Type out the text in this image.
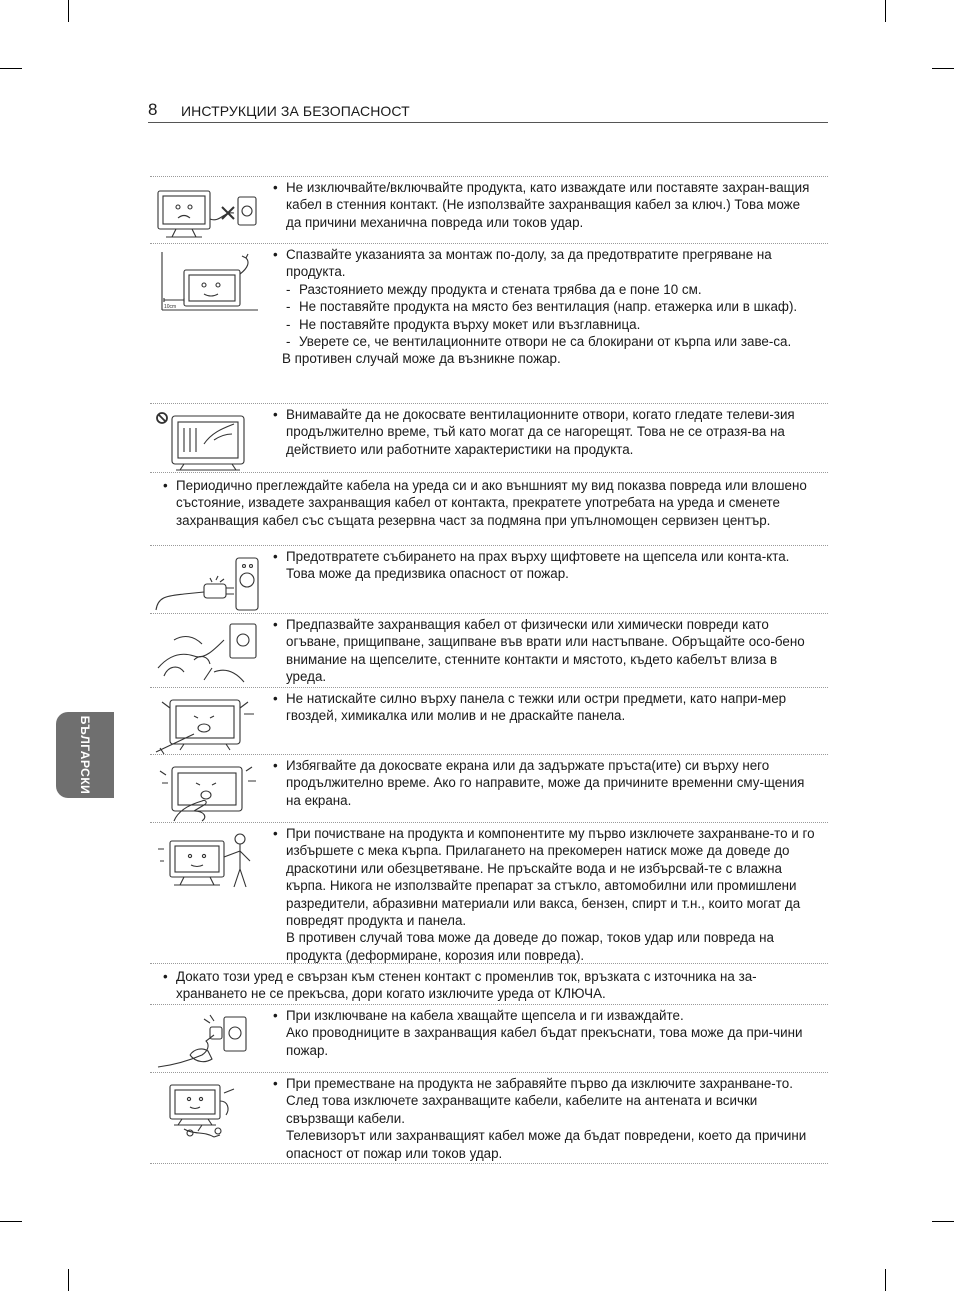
8 ИНСТРУКЦИИ ЗА БЕЗОПАСНОСТ
БЪЛГАРСКИ

• Не изключвайте/включвайте продукта, като изваждате или поставяте захран-ващия кабел в стенния контакт. (Не използвайте захранващия кабел за ключ.) Това може да причини механична повреда или токов удар.

10cm

• Спазвайте указанията за монтаж по-долу, за да предотвратите прегряване на продукта.

- Разстоянието между продукта и стената трябва да е поне 10 см.

- Не поставяйте продукта на място без вентилация (напр. етажерка или в шкаф).

- Не поставяйте продукта върху мокет или възглавница.

- Уверете се, че вентилационните отвори не са блокирани от кърпа или заве-са.

В противен случай може да възникне пожар.

• Внимавайте да не докосвате вентилационните отвори, когато гледате телеви-зия продължително време, тъй като могат да се нагорещят. Това не се отразя-ва на действието или работните характеристики на продукта.

• Периодично преглеждайте кабела на уреда си и ако външният му вид показва повреда или влошено състояние, извадете захранващия кабел от контакта, прекратете употребата на уреда и сменете захранващия кабел със същата резервна част за подмяна при упълномощен сервизен център.

• Предотвратете събирането на прах върху щифтовете на щепсела или конта-кта.

Това може да предизвика опасност от пожар.

• Предпазвайте захранващия кабел от физически или химически повреди като огъване, прищипване, защипване във врати или настъпване. Обръщайте осо-бено внимание на щепселите, стенните контакти и мястото, където кабелът влиза в уреда.

• Не натискайте силно върху панела с тежки или остри предмети, като напри-мер гвоздей, химикалка или молив и не драскайте панела.

• Избягвайте да докосвате екрана или да задържате пръста(ите) си върху него продължително време. Ако го направите, може да причините временни сму-щения на екрана.

• При почистване на продукта и компонентите му първо изключете захранване-то и го избършете с мека кърпа. Прилагането на прекомерен натиск може да доведе до драскотини или обезцветяване. Не пръскайте вода и не избърсвай-те с влажна кърпа. Никога не използвайте препарат за стъкло, автомобилни или промишлени разредители, абразивни материали или вакса, бензен, спирт и т.н., които могат да повредят продукта и панела.

В противен случай това може да доведе до пожар, токов удар или повреда на продукта (деформиране, корозия или повреда).

• Докато този уред е свързан към стенен контакт с променлив ток, връзката с източника на за-хранването не се прекъсва, дори когато изключите уреда от КЛЮЧА.

• При изключване на кабела хващайте щепсела и ги изваждайте.

Ако проводниците в захранващия кабел бъдат прекъснати, това може да при-чини пожар.

• При преместване на продукта не забравяйте първо да изключите захранване-то. След това изключете захранващите кабели, кабелите на антената и всички свързващи кабели.

Телевизорът или захранващият кабел може да бъдат повредени, което да причини опасност от пожар или токов удар.
